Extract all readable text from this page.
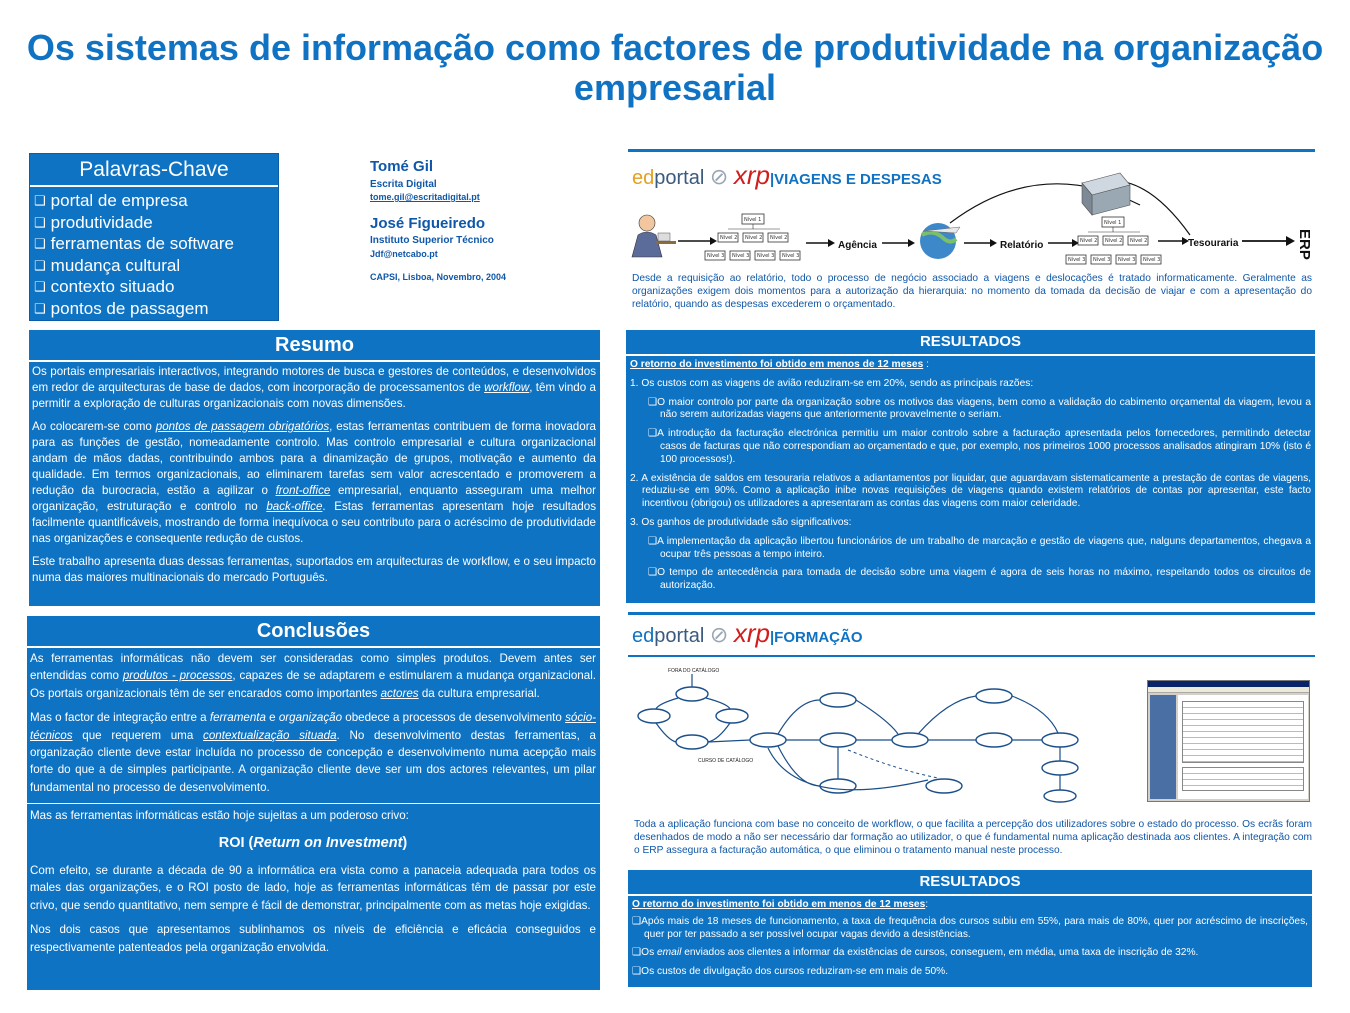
Os sistemas de informação como factores de produtividade na organização empresarial
Palavras-Chave
❑ portal de empresa
❑ produtividade
❑ ferramentas de software
❑ mudança cultural
❑ contexto situado
❑ pontos de passagem
Tomé Gil
Escrita Digital
tome.gil@escritadigital.pt
José Figueiredo
Instituto Superior Técnico
Jdf@netcabo.pt
CAPSI, Lisboa, Novembro, 2004
Resumo

Os portais empresariais interactivos, integrando motores de busca e gestores de conteúdos, e desenvolvidos em redor de arquitecturas de base de dados, com incorporação de processamentos de workflow, têm vindo a permitir a exploração de culturas organizacionais com novas dimensões.

Ao colocarem-se como pontos de passagem obrigatórios, estas ferramentas contribuem de forma inovadora para as funções de gestão, nomeadamente controlo. Mas controlo empresarial e cultura organizacional andam de mãos dadas, contribuindo ambos para a dinamização de grupos, motivação e aumento da qualidade. Em termos organizacionais, ao eliminarem tarefas sem valor acrescentado e promoverem a redução da burocracia, estão a agilizar o front-office empresarial, enquanto asseguram uma melhor organização, estruturação e controlo no back-office. Estas ferramentas apresentam hoje resultados facilmente quantificáveis, mostrando de forma inequívoca o seu contributo para o acréscimo de produtividade nas organizações e consequente redução de custos.

Este trabalho apresenta duas dessas ferramentas, suportados em arquitecturas de workflow, e o seu impacto numa das maiores multinacionais do mercado Português.

Conclusões

As ferramentas informáticas não devem ser consideradas como simples produtos. Devem antes ser entendidas como produtos - processos, capazes de se adaptarem e estimularem a mudança organizacional. Os portais organizacionais têm de ser encarados como importantes actores da cultura empresarial.

Mas o factor de integração entre a ferramenta e organização obedece a processos de desenvolvimento sócio-técnicos que requerem uma contextualização situada. No desenvolvimento destas ferramentas, a organização cliente deve estar incluída no processo de concepção e desenvolvimento numa acepção mais forte do que a de simples participante. A organização cliente deve ser um dos actores relevantes, um pilar fundamental no processo de desenvolvimento.

Mas as ferramentas informáticas estão hoje sujeitas a um poderoso crivo:

ROI (Return on Investment)

Com efeito, se durante a década de 90 a informática era vista como a panaceia adequada para todos os males das organizações, e o ROI posto de lado, hoje as ferramentas informáticas têm de passar por este crivo, que sendo quantitativo, nem sempre é fácil de demonstrar, principalmente com as metas hoje exigidas.

Nos dois casos que apresentamos sublinhamos os níveis de eficiência e eficácia conseguidos e respectivamente patenteados pela organização envolvida.

edportal ⊘ xrp|VIAGENS E DESPESAS
Nível 1
Nível 2 Nível 2 Nível 2
Nível 3 Nível 3 Nível 3 Nível 3
Agência	Relatório
Nível 1
Nível 2 Nível 2 Nível 2
Nível 3 Nível 3 Nível 3 Nível 3
Tesouraria	ERP
Desde a requisição ao relatório, todo o processo de negócio associado a viagens e deslocações é tratado informaticamente. Geralmente as organizações exigem dois momentos para a autorização da hierarquia: no momento da tomada da decisão de viajar e com a apresentação do relatório, quando as despesas excederem o orçamentado.
RESULTADOS
O retorno do investimento foi obtido em menos de 12 meses :
1. Os custos com as viagens de avião reduziram-se em 20%, sendo as principais razões:
❑ O maior controlo por parte da organização sobre os motivos das viagens, bem como a validação do cabimento orçamental da viagem, levou a não serem autorizadas viagens que anteriormente provavelmente o seriam.
❑ A introdução da facturação electrónica permitiu um maior controlo sobre a facturação apresentada pelos fornecedores, permitindo detectar casos de facturas que não correspondiam ao orçamentado e que, por exemplo, nos primeiros 1000 processos analisados atingiram 10% (isto é 100 processos!).
2. A existência de saldos em tesouraria relativos a adiantamentos por liquidar, que aguardavam sistematicamente a prestação de contas de viagens, reduziu-se em 90%. Como a aplicação inibe novas requisições de viagens quando existem relatórios de contas por apresentar, este facto incentivou (obrigou) os utilizadores a apresentaram as contas das viagens com maior celeridade.
3. Os ganhos de produtividade são significativos:
❑ A implementação da aplicação libertou funcionários de um trabalho de marcação e gestão de viagens que, nalguns departamentos, chegava a ocupar três pessoas a tempo inteiro.
❑ O tempo de antecedência para tomada de decisão sobre uma viagem é agora de seis horas no máximo, respeitando todos os circuitos de autorização.
edportal ⊘ xrp|FORMAÇÃO
FORA DO CATÁLOGO
CURSO DE CATÁLOGO
Toda a aplicação funciona com base no conceito de workflow, o que facilita a percepção dos utilizadores sobre o estado do processo. Os ecrãs foram desenhados de modo a não ser necessário dar formação ao utilizador, o que é fundamental numa aplicação destinada aos clientes. A integração com o ERP assegura a facturação automática, o que eliminou o tratamento manual neste processo.
RESULTADOS
O retorno do investimento foi obtido em menos de 12 meses:
❑ Após mais de 18 meses de funcionamento, a taxa de frequência dos cursos subiu em 55%, para mais de 80%, quer por acréscimo de inscrições, quer por ter passado a ser possível ocupar vagas devido a desistências.
❑ Os email enviados aos clientes a informar da existências de cursos, conseguem, em média, uma taxa de inscrição de 32%.
❑ Os custos de divulgação dos cursos reduziram-se em mais de 50%.
